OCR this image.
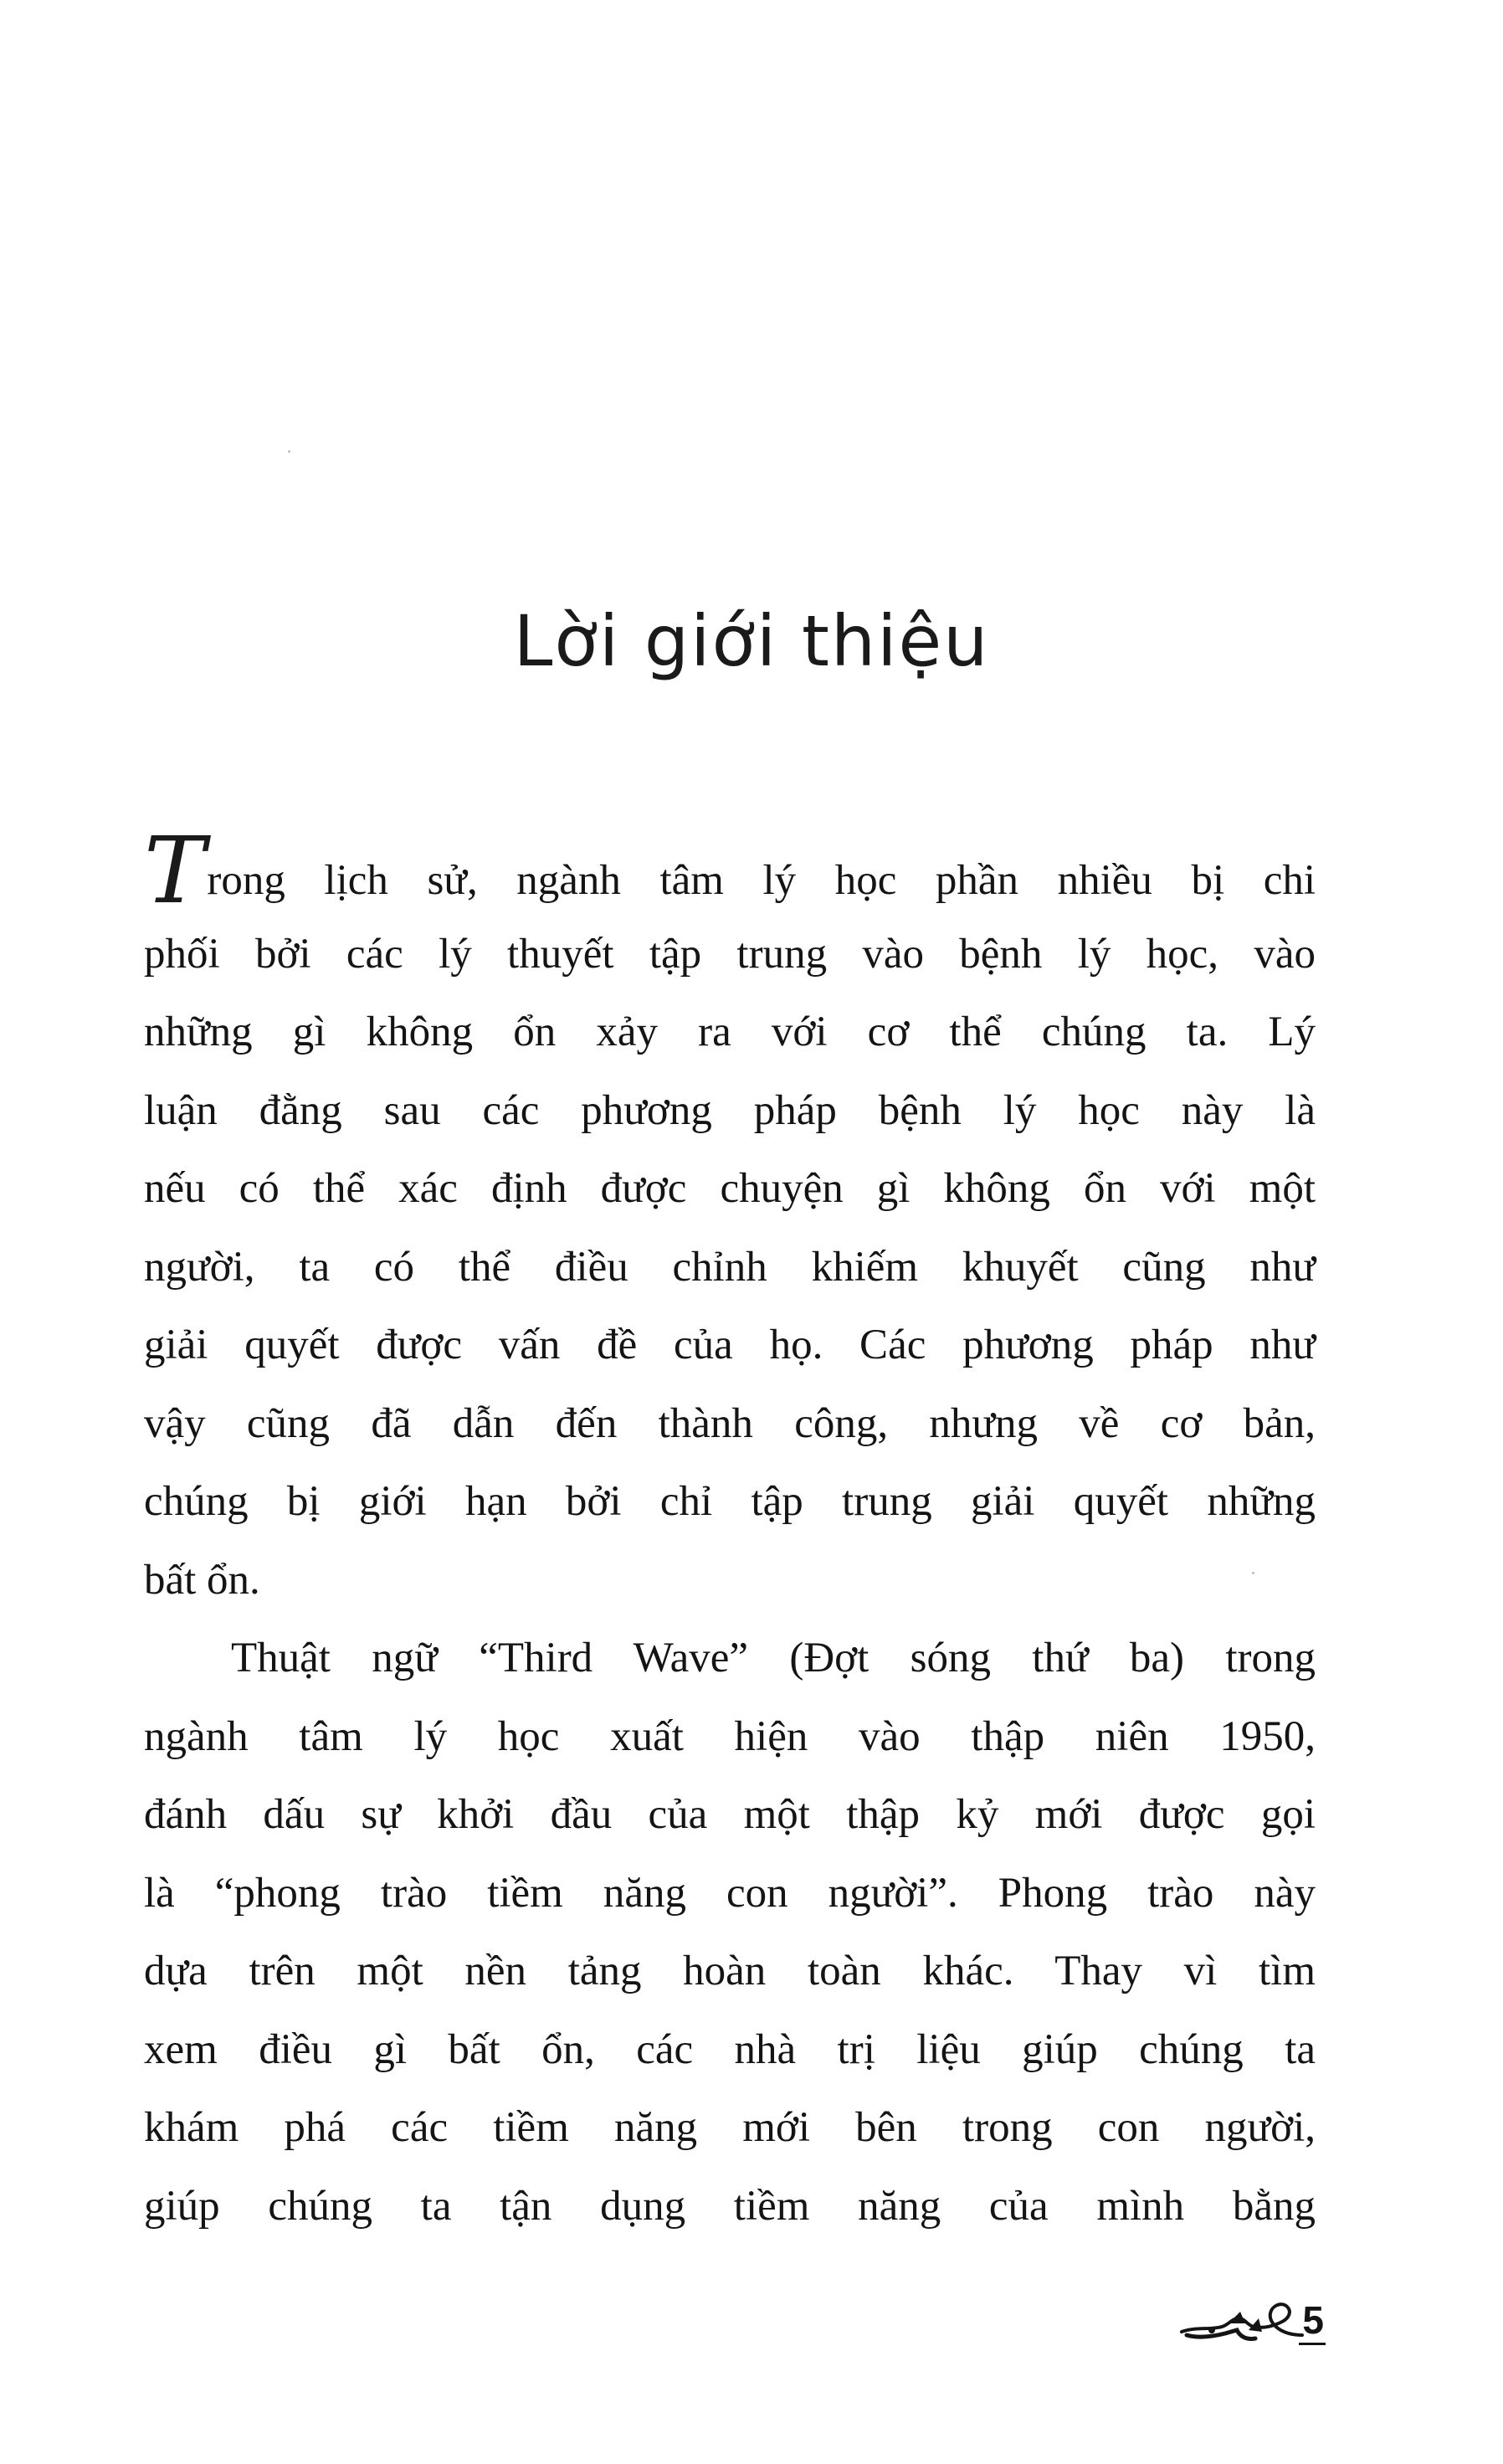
Lời giới thiệu
Trong lịch sử, ngành tâm lý học phần nhiều bị chi
phối bởi các lý thuyết tập trung vào bệnh lý học, vào
những gì không ổn xảy ra với cơ thể chúng ta. Lý
luận đằng sau các phương pháp bệnh lý học này là
nếu có thể xác định được chuyện gì không ổn với một
người, ta có thể điều chỉnh khiếm khuyết cũng như
giải quyết được vấn đề của họ. Các phương pháp như
vậy cũng đã dẫn đến thành công, nhưng về cơ bản,
chúng bị giới hạn bởi chỉ tập trung giải quyết những
bất ổn.
Thuật ngữ “Third Wave” (Đợt sóng thứ ba) trong
ngành tâm lý học xuất hiện vào thập niên 1950,
đánh dấu sự khởi đầu của một thập kỷ mới được gọi
là “phong trào tiềm năng con người”. Phong trào này
dựa trên một nền tảng hoàn toàn khác. Thay vì tìm
xem điều gì bất ổn, các nhà trị liệu giúp chúng ta
khám phá các tiềm năng mới bên trong con người,
giúp chúng ta tận dụng tiềm năng của mình bằng
5
